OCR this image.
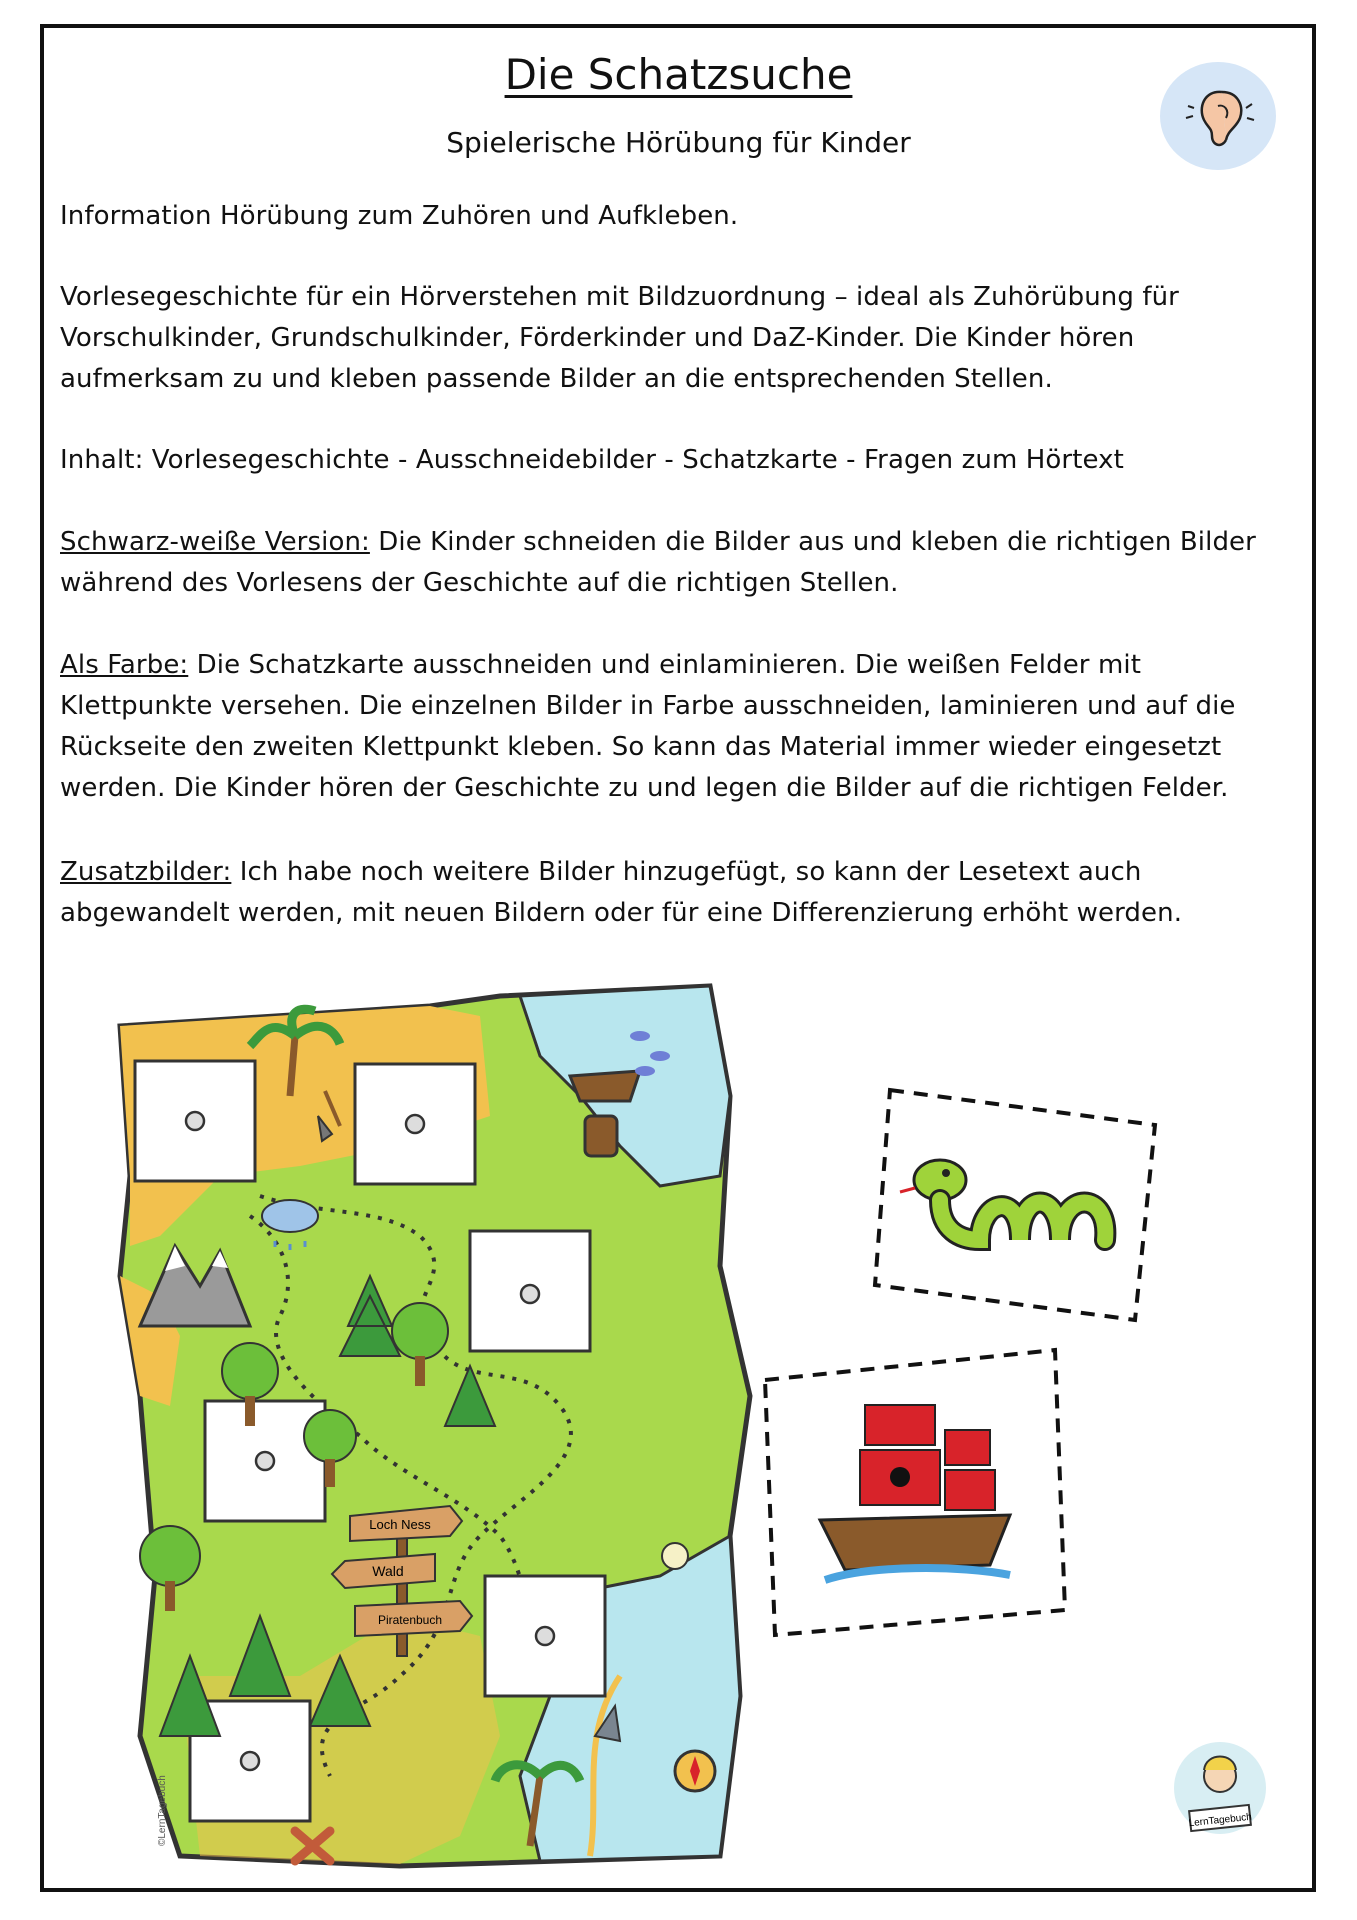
Die Schatzsuche
Spielerische Hörübung für Kinder

Information Hörübung zum Zuhören und Aufkleben.

Vorlesegeschichte für ein Hörverstehen mit Bildzuordnung – ideal als Zuhörübung für

Vorschulkinder, Grundschulkinder, Förderkinder und DaZ-Kinder. Die Kinder hören

aufmerksam zu und kleben passende Bilder an die entsprechenden Stellen.

Inhalt: Vorlesegeschichte - Ausschneidebilder - Schatzkarte - Fragen zum Hörtext

Schwarz-weiße Version: Die Kinder schneiden die Bilder aus und kleben die richtigen Bilder

während des Vorlesens der Geschichte auf die richtigen Stellen.

Als Farbe: Die Schatzkarte ausschneiden und einlaminieren. Die weißen Felder mit

Klettpunkte versehen. Die einzelnen Bilder in Farbe ausschneiden, laminieren und auf die

Rückseite den zweiten Klettpunkt kleben. So kann das Material immer wieder eingesetzt

werden. Die Kinder hören der Geschichte zu und legen die Bilder auf die richtigen Felder.

Zusatzbilder: Ich habe noch weitere Bilder hinzugefügt, so kann der Lesetext auch

abgewandelt werden, mit neuen Bildern oder für eine Differenzierung erhöht werden.

Loch Ness
Wald
Piratenbuch
©LernTagebuch	LernTagebuch
